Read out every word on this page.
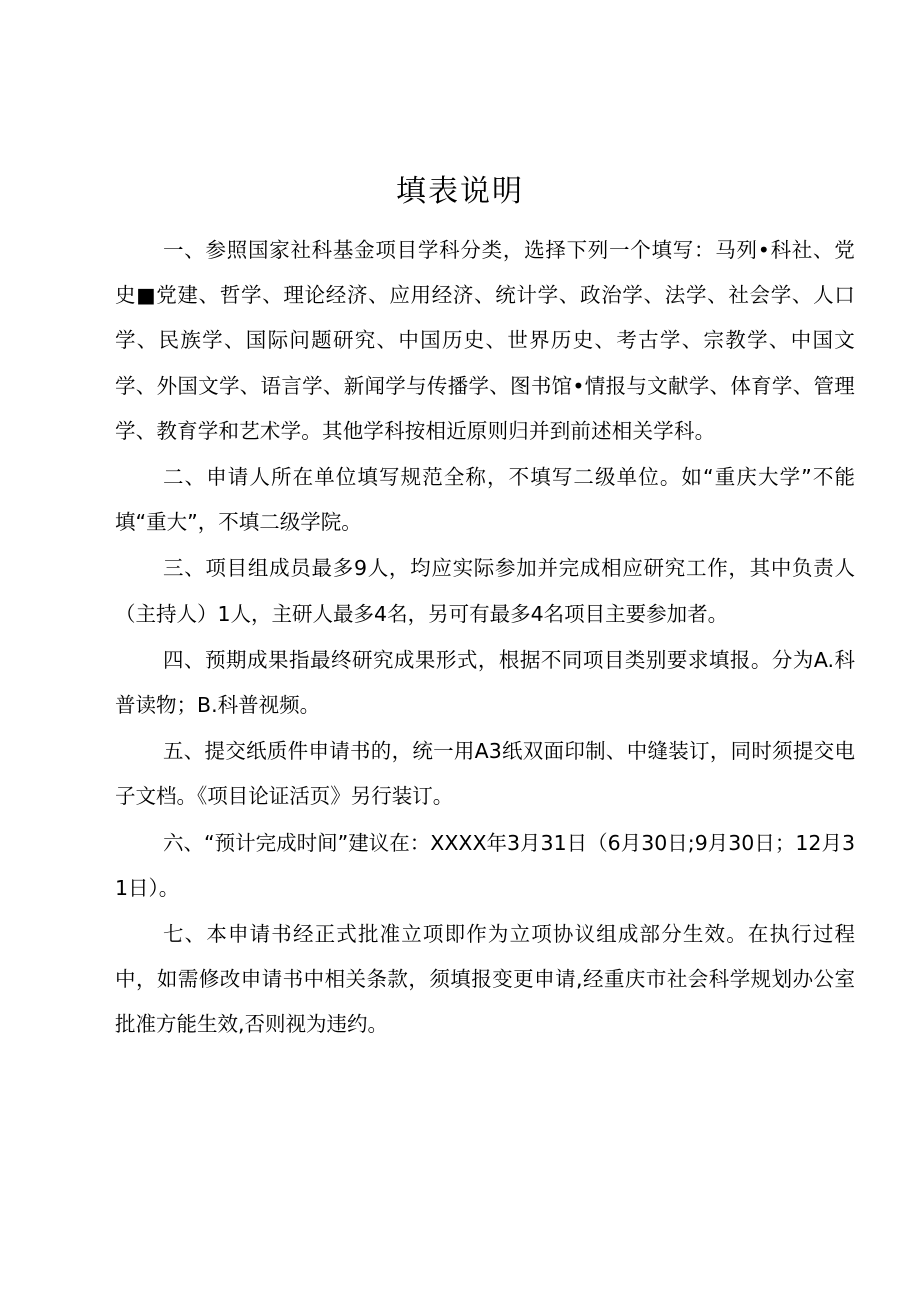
填表说明

一、参照国家社科基金项目学科分类，选择下列一个填写：马列•科社、党史■党建、哲学、理论经济、应用经济、统计学、政治学、法学、社会学、人口学、民族学、国际问题研究、中国历史、世界历史、考古学、宗教学、中国文学、外国文学、语言学、新闻学与传播学、图书馆•情报与文献学、体育学、管理学、教育学和艺术学。其他学科按相近原则归并到前述相关学科。

二、申请人所在单位填写规范全称，不填写二级单位。如“重庆大学”不能填“重大”，不填二级学院。

三、项目组成员最多9人，均应实际参加并完成相应研究工作，其中负责人（主持人）1人，主研人最多4名，另可有最多4名项目主要参加者。

四、预期成果指最终研究成果形式，根据不同项目类别要求填报。分为A.科普读物；B.科普视频。

五、提交纸质件申请书的，统一用A3纸双面印制、中缝装订，同时须提交电子文档。《项目论证活页》另行装订。

六、“预计完成时间”建议在：XXXX年3月31日（6月30日;9月30日；12月31日）。

七、本申请书经正式批准立项即作为立项协议组成部分生效。在执行过程中，如需修改申请书中相关条款，须填报变更申请,经重庆市社会科学规划办公室批准方能生效,否则视为违约。
